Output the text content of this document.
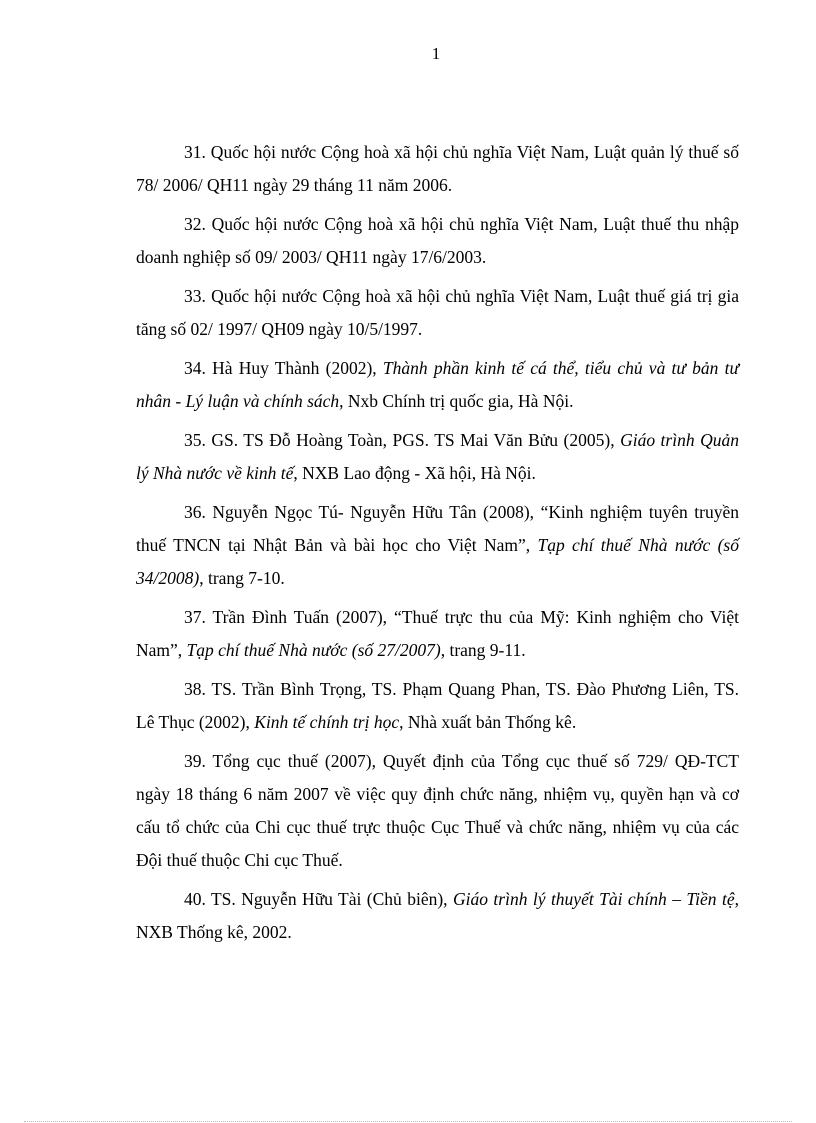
1

31. Quốc hội nước Cộng hoà xã hội chủ nghĩa Việt Nam, Luật quản lý thuế số 78/ 2006/ QH11 ngày 29 tháng 11 năm 2006.

32. Quốc hội nước Cộng hoà xã hội chủ nghĩa Việt Nam, Luật thuế thu nhập doanh nghiệp số 09/ 2003/ QH11 ngày 17/6/2003.

33. Quốc hội nước Cộng hoà xã hội chủ nghĩa Việt Nam, Luật thuế giá trị gia tăng số 02/ 1997/ QH09 ngày 10/5/1997.

34. Hà Huy Thành (2002), Thành phần kinh tế cá thể, tiểu chủ và tư bản tư nhân - Lý luận và chính sách, Nxb Chính trị quốc gia, Hà Nội.

35. GS. TS Đỗ Hoàng Toàn, PGS. TS Mai Văn Bửu (2005), Giáo trình Quản lý Nhà nước về kinh tế, NXB Lao động - Xã hội, Hà Nội.

36. Nguyễn Ngọc Tú- Nguyễn Hữu Tân (2008), “Kinh nghiệm tuyên truyền thuế TNCN tại Nhật Bản và bài học cho Việt Nam”, Tạp chí thuế Nhà nước (số 34/2008), trang 7-10.

37. Trần Đình Tuấn (2007), “Thuế trực thu của Mỹ: Kinh nghiệm cho Việt Nam”, Tạp chí thuế Nhà nước (số 27/2007), trang 9-11.

38. TS. Trần Bình Trọng, TS. Phạm Quang Phan, TS. Đào Phương Liên, TS. Lê Thục (2002), Kinh tế chính trị học, Nhà xuất bản Thống kê.

39. Tổng cục thuế (2007), Quyết định của Tổng cục thuế số 729/ QĐ-TCT ngày 18 tháng 6 năm 2007 về việc quy định chức năng, nhiệm vụ, quyền hạn và cơ cấu tổ chức của Chi cục thuế trực thuộc Cục Thuế và chức năng, nhiệm vụ của các Đội thuế thuộc Chi cục Thuế.

40. TS. Nguyễn Hữu Tài (Chủ biên), Giáo trình lý thuyết Tài chính – Tiền tệ, NXB Thống kê, 2002.
